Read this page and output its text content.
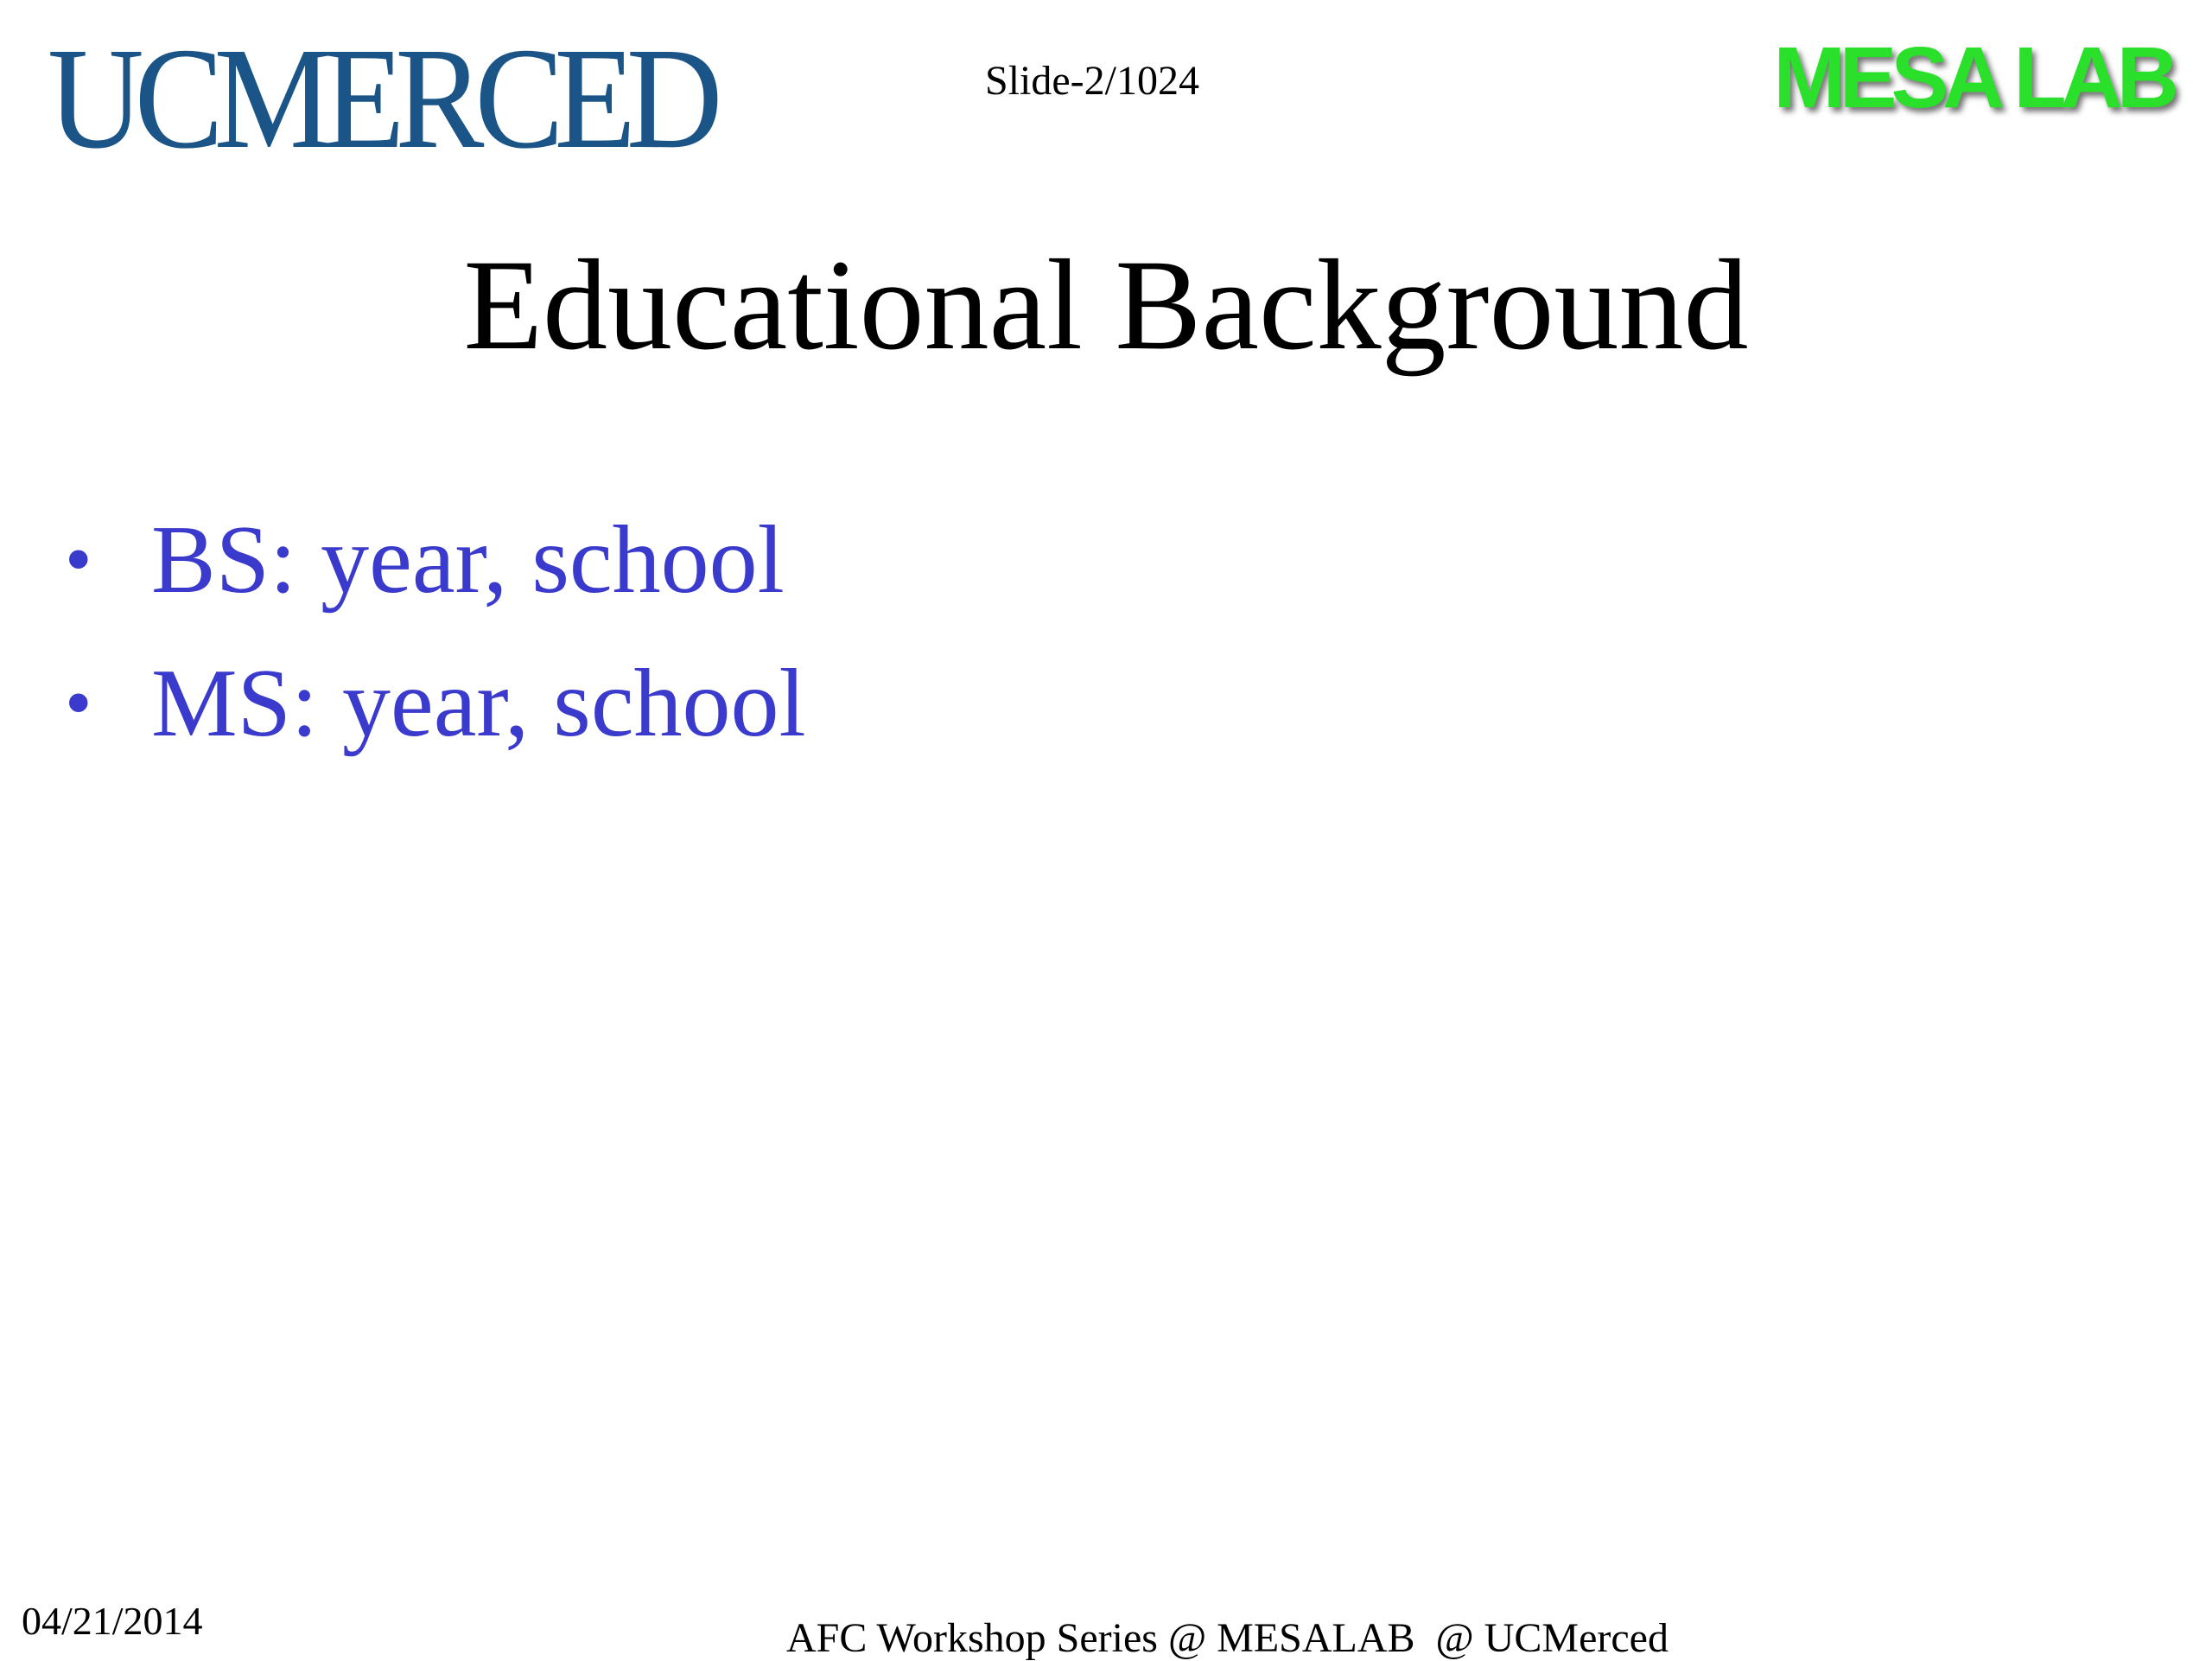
UCMERCED	Slide-2/1024	MESA LAB
Educational Background
• BS: year, school
• MS: year, school
04/21/2014	AFC Workshop Series @ MESALAB  @ UCMerced
